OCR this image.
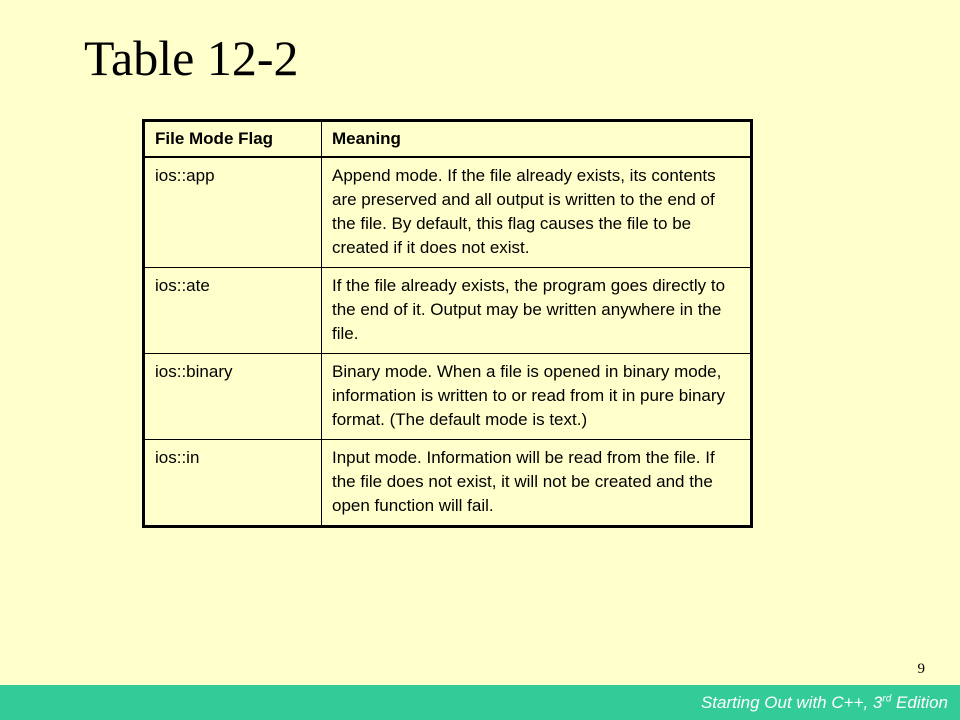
Table 12-2
File Mode Flag	Meaning
ios::app	Append mode. If the file already exists, its contents are preserved and all output is written to the end of the file. By default, this flag causes the file to be created if it does not exist.
ios::ate	If the file already exists, the program goes directly to the end of it. Output may be written anywhere in the file.
ios::binary	Binary mode. When a file is opened in binary mode, information is written to or read from it in pure binary format. (The default mode is text.)
ios::in	Input mode. Information will be read from the file. If the file does not exist, it will not be created and the open function will fail.
9
Starting Out with C++, 3rd Edition
